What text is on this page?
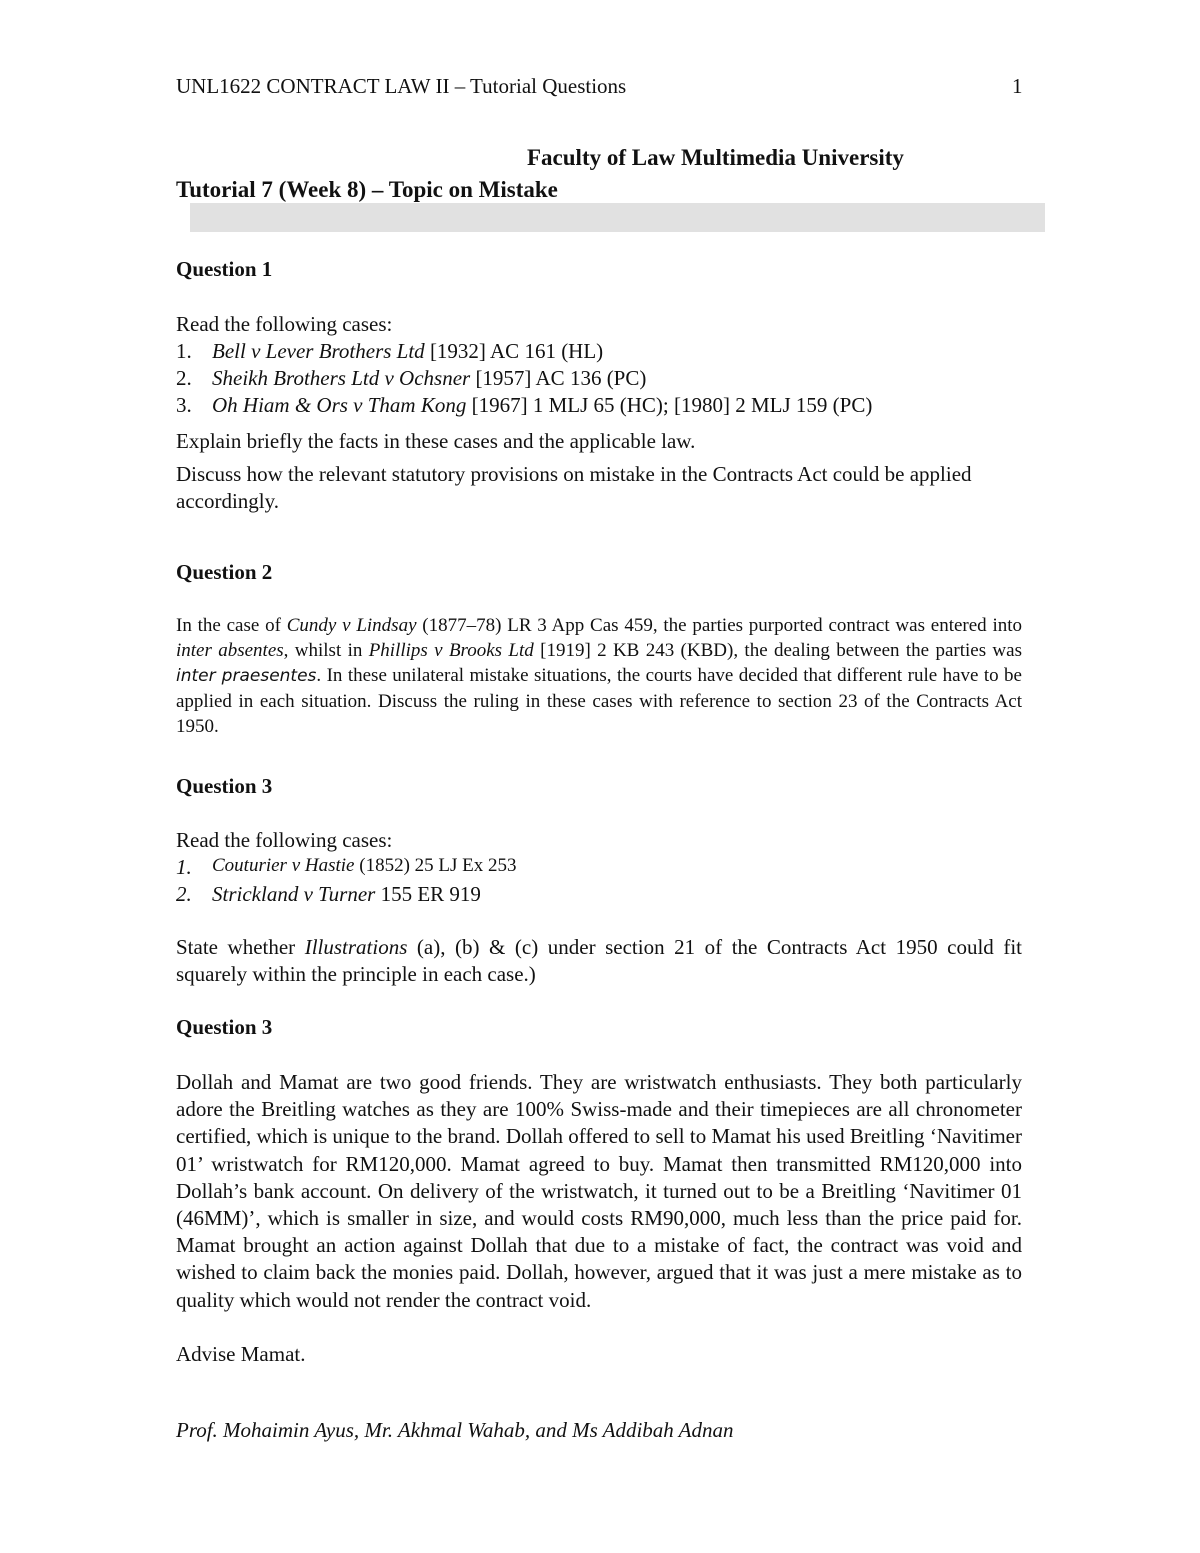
UNL1622 CONTRACT LAW II – Tutorial Questions	1
Faculty of Law Multimedia University
Tutorial 7 (Week 8) – Topic on Mistake
Question 1
Read the following cases:
1. Bell v Lever Brothers Ltd [1932] AC 161 (HL)
2. Sheikh Brothers Ltd v Ochsner [1957] AC 136 (PC)
3. Oh Hiam & Ors v Tham Kong [1967] 1 MLJ 65 (HC); [1980] 2 MLJ 159 (PC)
Explain briefly the facts in these cases and the applicable law.
Discuss how the relevant statutory provisions on mistake in the Contracts Act could be applied accordingly.
Question 2
In the case of Cundy v Lindsay (1877–78) LR 3 App Cas 459, the parties purported contract was entered into inter absentes, whilst in Phillips v Brooks Ltd [1919] 2 KB 243 (KBD), the dealing between the parties was inter praesentes. In these unilateral mistake situations, the courts have decided that different rule have to be applied in each situation. Discuss the ruling in these cases with reference to section 23 of the Contracts Act 1950.
Question 3
Read the following cases:
1. Couturier v Hastie (1852) 25 LJ Ex 253
2. Strickland v Turner 155 ER 919
State whether Illustrations (a), (b) & (c) under section 21 of the Contracts Act 1950 could fit squarely within the principle in each case.)
Question 3
Dollah and Mamat are two good friends. They are wristwatch enthusiasts. They both particularly adore the Breitling watches as they are 100% Swiss-made and their timepieces are all chronometer certified, which is unique to the brand. Dollah offered to sell to Mamat his used Breitling ‘Navitimer 01’ wristwatch for RM120,000. Mamat agreed to buy. Mamat then transmitted RM120,000 into Dollah’s bank account. On delivery of the wristwatch, it turned out to be a Breitling ‘Navitimer 01 (46MM)’, which is smaller in size, and would costs RM90,000, much less than the price paid for. Mamat brought an action against Dollah that due to a mistake of fact, the contract was void and wished to claim back the monies paid. Dollah, however, argued that it was just a mere mistake as to quality which would not render the contract void.
Advise Mamat.
Prof. Mohaimin Ayus, Mr. Akhmal Wahab, and Ms Addibah Adnan
